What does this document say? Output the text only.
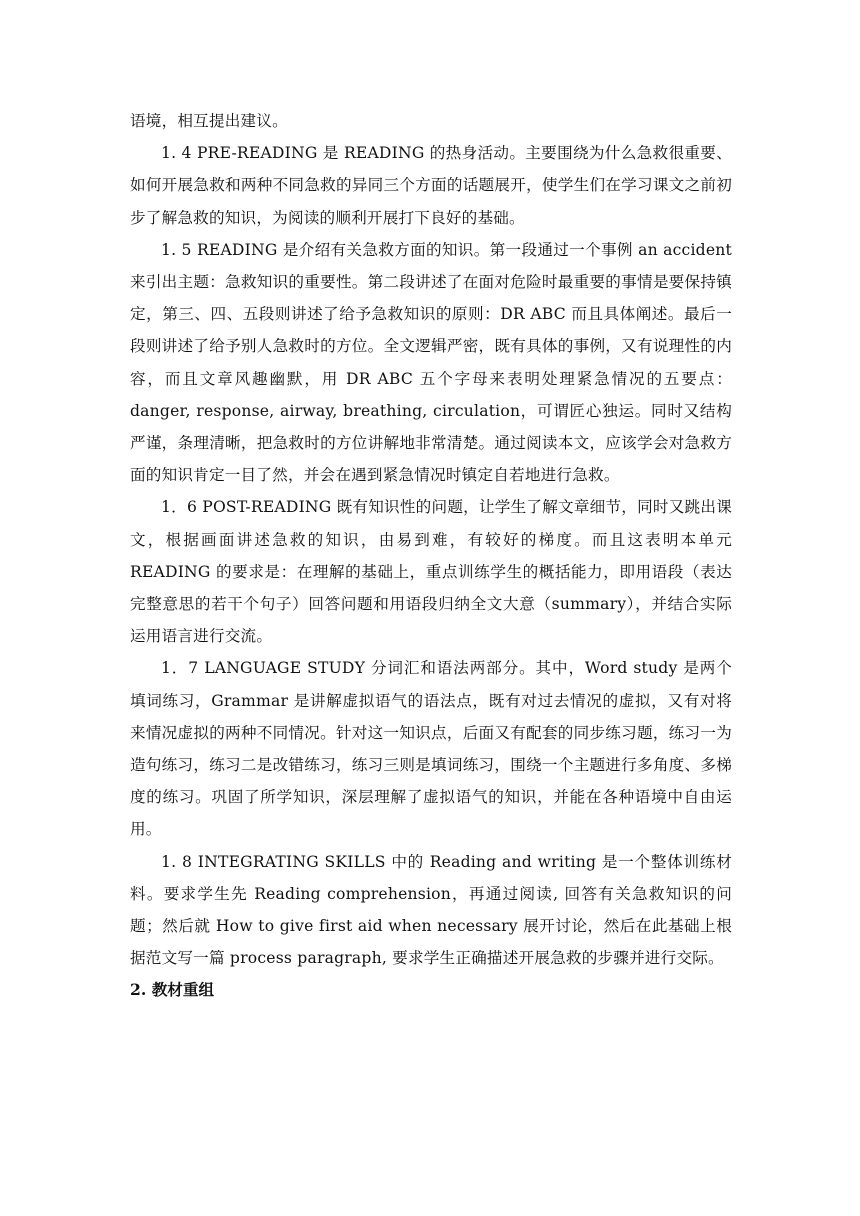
语境，相互提出建议。

1. 4 PRE-READING 是 READING 的热身活动。主要围绕为什么急救很重要、如何开展急救和两种不同急救的异同三个方面的话题展开，使学生们在学习课文之前初步了解急救的知识，为阅读的顺利开展打下良好的基础。

1. 5 READING 是介绍有关急救方面的知识。第一段通过一个事例 an accident 来引出主题：急救知识的重要性。第二段讲述了在面对危险时最重要的事情是要保持镇定，第三、四、五段则讲述了给予急救知识的原则：DR ABC 而且具体阐述。最后一段则讲述了给予别人急救时的方位。全文逻辑严密，既有具体的事例，又有说理性的内容，而且文章风趣幽默，用 DR ABC 五个字母来表明处理紧急情况的五要点：danger, response, airway, breathing, circulation，可谓匠心独运。同时又结构严谨，条理清晰，把急救时的方位讲解地非常清楚。通过阅读本文，应该学会对急救方面的知识肯定一目了然，并会在遇到紧急情况时镇定自若地进行急救。

1．6 POST-READING 既有知识性的问题，让学生了解文章细节，同时又跳出课文，根据画面讲述急救的知识，由易到难，有较好的梯度。而且这表明本单元 READING 的要求是：在理解的基础上，重点训练学生的概括能力，即用语段（表达完整意思的若干个句子）回答问题和用语段归纳全文大意（summary），并结合实际运用语言进行交流。

1．7 LANGUAGE STUDY 分词汇和语法两部分。其中，Word study 是两个填词练习，Grammar 是讲解虚拟语气的语法点，既有对过去情况的虚拟，又有对将来情况虚拟的两种不同情况。针对这一知识点，后面又有配套的同步练习题，练习一为造句练习，练习二是改错练习，练习三则是填词练习，围绕一个主题进行多角度、多梯度的练习。巩固了所学知识，深层理解了虚拟语气的知识，并能在各种语境中自由运用。

1. 8 INTEGRATING SKILLS 中的 Reading and writing 是一个整体训练材料。要求学生先 Reading comprehension，再通过阅读, 回答有关急救知识的问题；然后就 How to give first aid when necessary 展开讨论，然后在此基础上根据范文写一篇 process paragraph, 要求学生正确描述开展急救的步骤并进行交际。

2. 教材重组
